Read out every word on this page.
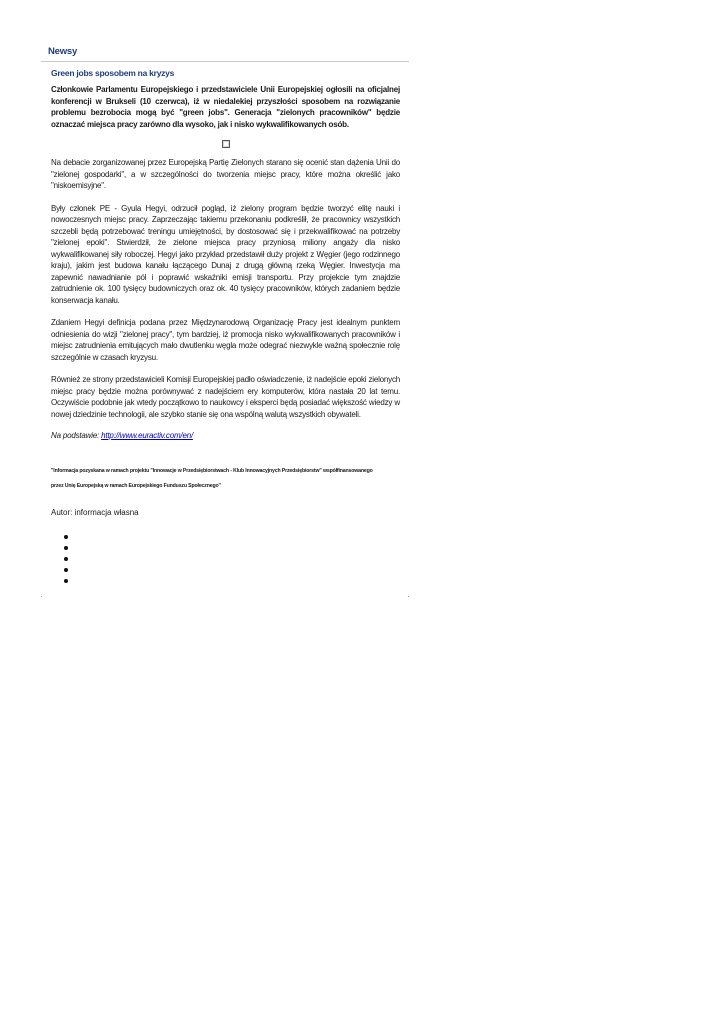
Newsy
Green jobs sposobem na kryzys

Członkowie Parlamentu Europejskiego i przedstawiciele Unii Europejskiej ogłosili na oficjalnej konferencji w Brukseli (10 czerwca), iż w niedalekiej przyszłości sposobem na rozwiązanie problemu bezrobocia mogą być "green jobs". Generacja "zielonych pracowników" będzie oznaczać miejsca pracy zarówno dla wysoko, jak i nisko wykwalifikowanych osób.

Na debacie zorganizowanej przez Europejską Partię Zielonych starano się ocenić stan dążenia Unii do "zielonej gospodarki", a w szczególności do tworzenia miejsc pracy, które można określić jako "niskoemisyjne".

Były członek PE - Gyula Hegyi, odrzucił pogląd, iż zielony program będzie tworzyć elitę nauki i nowoczesnych miejsc pracy. Zaprzeczając takiemu przekonaniu podkreślił, że pracownicy wszystkich szczebli będą potrzebować treningu umiejętności, by dostosować się i przekwalifikować na potrzeby "zielonej epoki". Stwierdził, że zielone miejsca pracy przyniosą miliony angaży dla nisko wykwalifikowanej siły roboczej. Hegyi jako przykład przedstawił duży projekt z Węgier (jego rodzinnego kraju), jakim jest budowa kanału łączącego Dunaj z drugą główną rzeką Węgier. Inwestycja ma zapewnić nawadnianie pól i poprawić wskaźniki emisji transportu. Przy projekcie tym znajdzie zatrudnienie ok. 100 tysięcy budowniczych oraz ok. 40 tysięcy pracowników, których zadaniem będzie konserwacja kanału.

Zdaniem Hegyi definicja podana przez Międzynarodową Organizację Pracy jest idealnym punktem odniesienia do wizji "zielonej pracy", tym bardziej, iż promocja nisko wykwalifikowanych pracowników i miejsc zatrudnienia emitujących mało dwutlenku węgla może odegrać niezwykle ważną społecznie rolę szczególnie w czasach kryzysu.

Również ze strony przedstawicieli Komisji Europejskiej padło oświadczenie, iż nadejście epoki zielonych miejsc pracy będzie można porównywać z nadejściem ery komputerów, która nastała 20 lat temu. Oczywiście podobnie jak wtedy początkowo to naukowcy i eksperci będą posiadać większość wiedzy w nowej dziedzinie technologii, ale szybko stanie się ona wspólną walutą wszystkich obywateli.

Na podstawie: http://www.euractiv.com/en/

"Informacja pozyskana w ramach projektu "Innowacje w Przedsiębiorstwach - Klub Innowacyjnych Przedsiębiorstw" współfinansowanego
przez Unię Europejską w ramach Europejskiego Funduszu Społecznego"
Autor: informacja własna
